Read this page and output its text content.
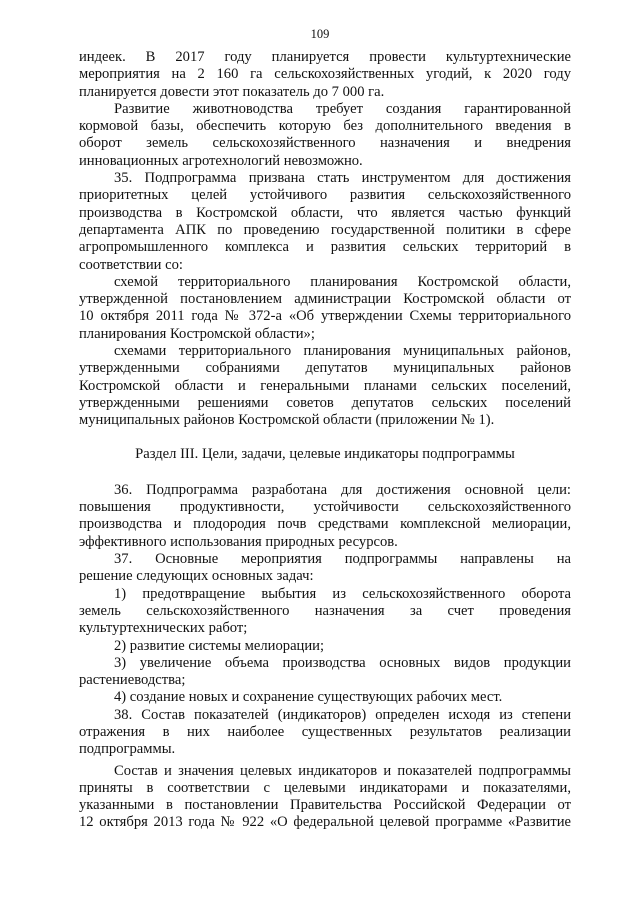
109
индеек. В 2017 году планируется провести культуртехнические
мероприятия на 2 160 га сельскохозяйственных угодий, к 2020 году
планируется довести этот показатель до 7 000 га.
Развитие животноводства требует создания гарантированной
кормовой базы, обеспечить которую без дополнительного введения в
оборот земель сельскохозяйственного назначения и внедрения
инновационных агротехнологий невозможно.
35. Подпрограмма призвана стать инструментом для достижения
приоритетных целей устойчивого развития сельскохозяйственного
производства в Костромской области, что является частью функций
департамента АПК по проведению государственной политики в сфере
агропромышленного комплекса и развития сельских территорий в
соответствии со:
схемой территориального планирования Костромской области,
утвержденной постановлением администрации Костромской области от
10 октября 2011 года № 372-а «Об утверждении Схемы территориального
планирования Костромской области»;
схемами территориального планирования муниципальных районов,
утвержденными собраниями депутатов муниципальных районов
Костромской области и генеральными планами сельских поселений,
утвержденными решениями советов депутатов сельских поселений
муниципальных районов Костромской области (приложении № 1).
Раздел III. Цели, задачи, целевые индикаторы подпрограммы
36. Подпрограмма разработана для достижения основной цели:
повышения продуктивности, устойчивости сельскохозяйственного
производства и плодородия почв средствами комплексной мелиорации,
эффективного использования природных ресурсов.
37. Основные мероприятия подпрограммы направлены на
решение следующих основных задач:
1) предотвращение выбытия из сельскохозяйственного оборота
земель сельскохозяйственного назначения за счет проведения
культуртехнических работ;
2) развитие системы мелиорации;
3) увеличение объема производства основных видов продукции
растениеводства;
4) создание новых и сохранение существующих рабочих мест.
38. Состав показателей (индикаторов) определен исходя из степени
отражения в них наиболее существенных результатов реализации
подпрограммы.
Состав и значения целевых индикаторов и показателей подпрограммы
приняты в соответствии с целевыми индикаторами и показателями,
указанными в постановлении Правительства Российской Федерации от
12 октября 2013 года № 922 «О федеральной целевой программе «Развитие
